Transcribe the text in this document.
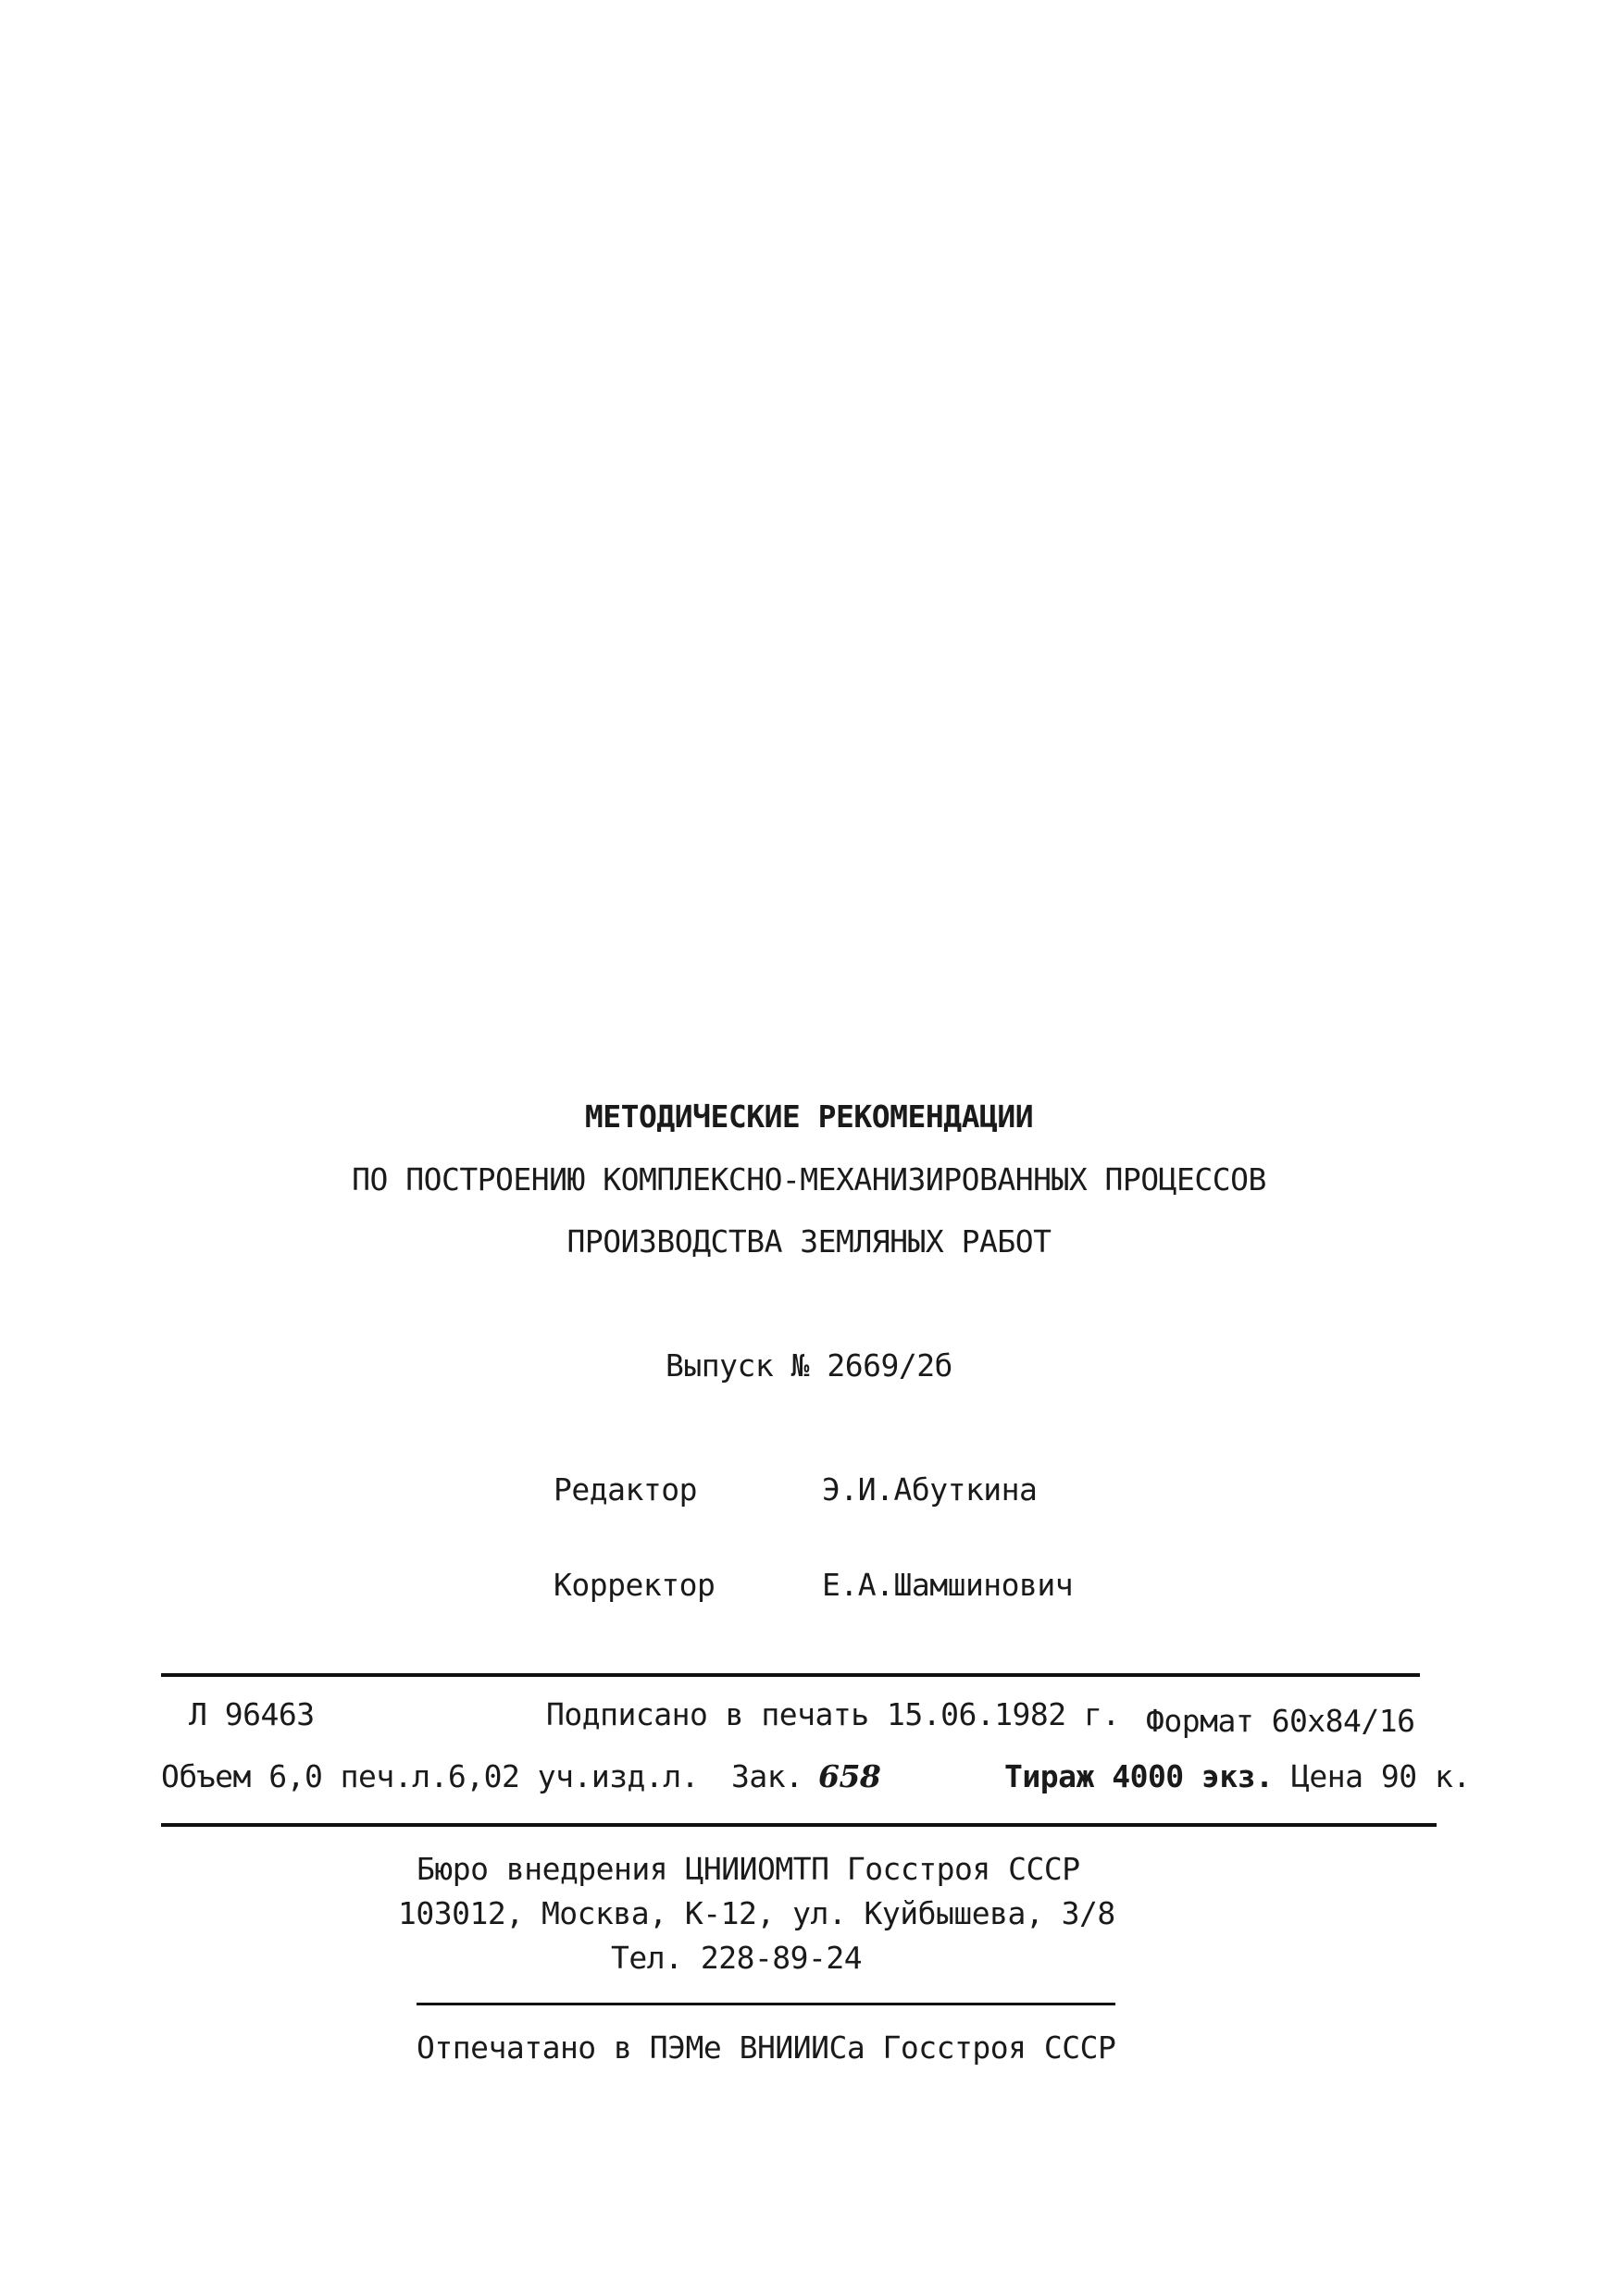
МЕТОДИЧЕСКИЕ РЕКОМЕНДАЦИИ
ПО ПОСТРОЕНИЮ КОМПЛЕКСНО-МЕХАНИЗИРОВАННЫХ ПРОЦЕССОВ
ПРОИЗВОДСТВА ЗЕМЛЯНЫХ РАБОТ
Выпуск № 2669/2б
Редактор	Э.И.Абуткина
Корректор	Е.А.Шамшинович
Л 96463	Подписано в печать 15.06.1982 г. Формат 60х84/16
Объем 6,0 печ.л.6,02 уч.изд.л. Зак. 658	Тираж 4000 экз. Цена 90 к.
Бюро внедрения ЦНИИОМТП Госстроя СССР
103012, Москва, К-12, ул. Куйбышева, 3/8
Тел. 228-89-24
Отпечатано в ПЭМе ВНИИИСа Госстроя СССР
